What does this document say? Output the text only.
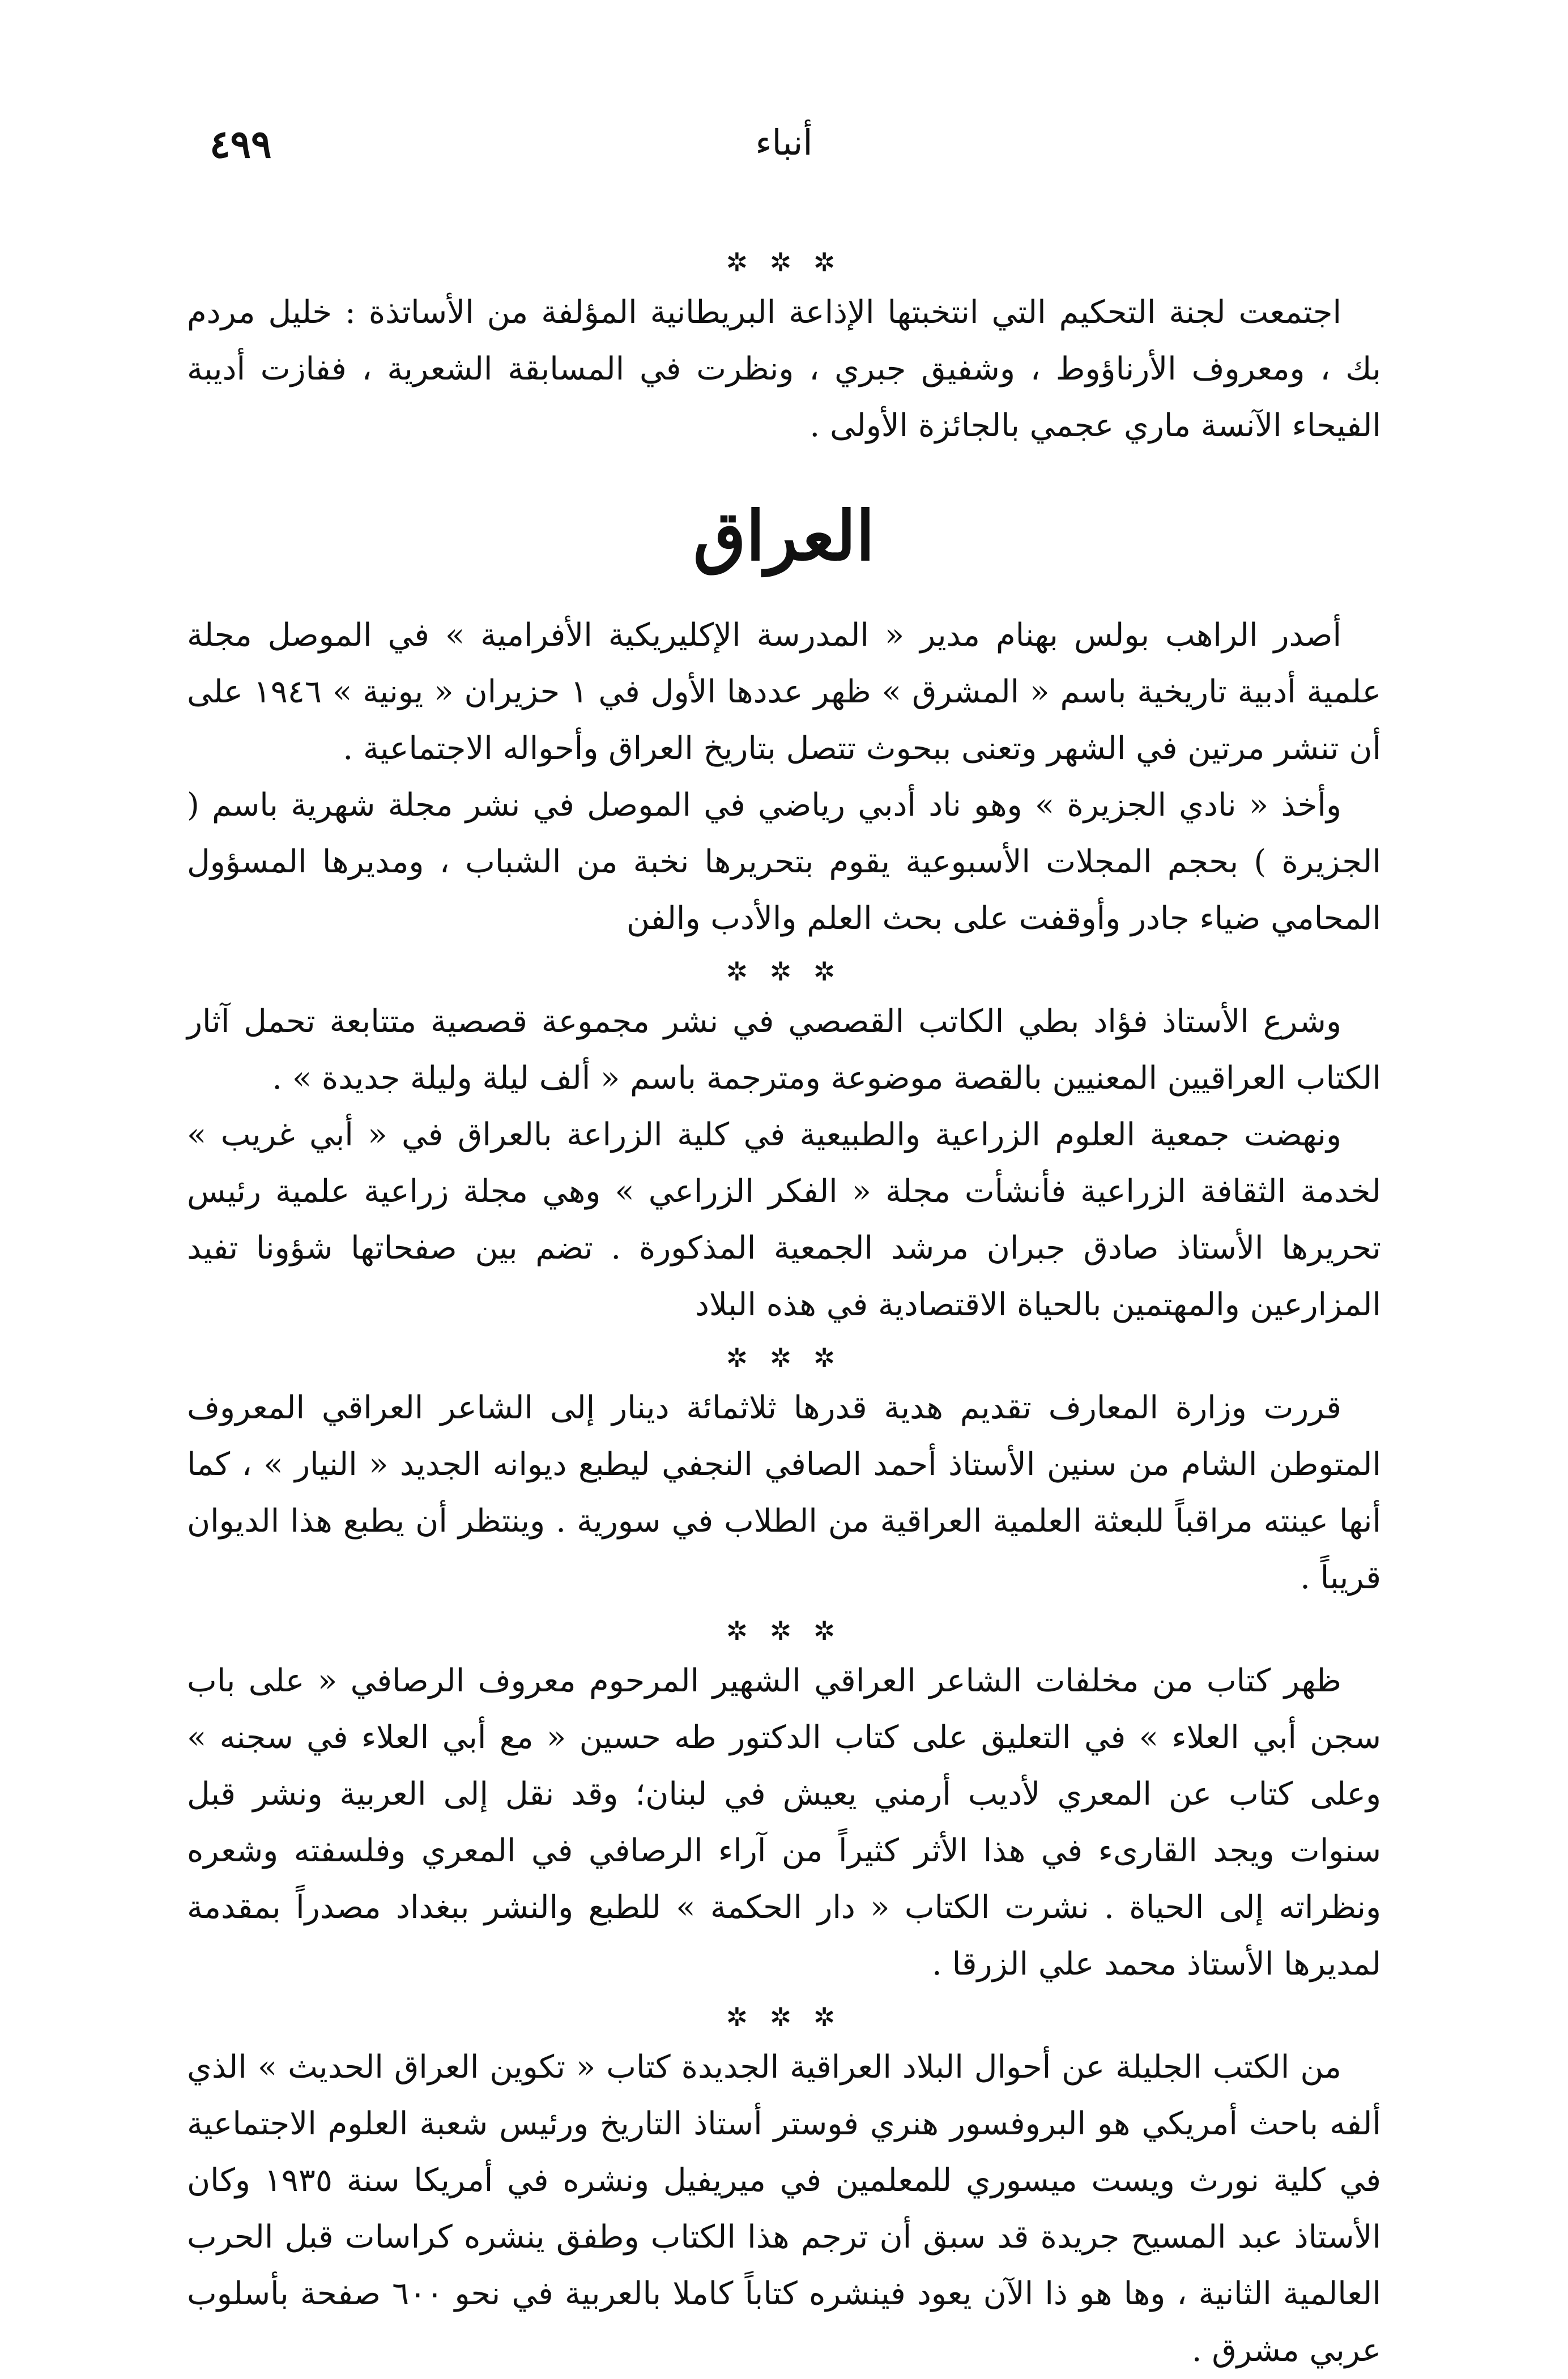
٤٩٩	أنباء
✲ ✲ ✲

اجتمعت لجنة التحكيم التي انتخبتها الإذاعة البريطانية المؤلفة من الأساتذة : خليل مردم بك ، ومعروف الأرناؤوط ، وشفيق جبري ، ونظرت في المسابقة الشعرية ، ففازت أديبة الفيحاء الآنسة ماري عجمي بالجائزة الأولى .

العراق

أصدر الراهب بولس بهنام مدير « المدرسة الإكليريكية الأفرامية » في الموصل مجلة علمية أدبية تاريخية باسم « المشرق » ظهر عددها الأول في ١ حزيران « يونية » ١٩٤٦ على أن تنشر مرتين في الشهر وتعنى ببحوث تتصل بتاريخ العراق وأحواله الاجتماعية .

وأخذ « نادي الجزيرة » وهو ناد أدبي رياضي في الموصل في نشر مجلة شهرية باسم ( الجزيرة ) بحجم المجلات الأسبوعية يقوم بتحريرها نخبة من الشباب ، ومديرها المسؤول المحامي ضياء جادر وأوقفت على بحث العلم والأدب والفن

✲ ✲ ✲

وشرع الأستاذ فؤاد بطي الكاتب القصصي في نشر مجموعة قصصية متتابعة تحمل آثار الكتاب العراقيين المعنيين بالقصة موضوعة ومترجمة باسم « ألف ليلة وليلة جديدة » .

ونهضت جمعية العلوم الزراعية والطبيعية في كلية الزراعة بالعراق في « أبي غريب » لخدمة الثقافة الزراعية فأنشأت مجلة « الفكر الزراعي » وهي مجلة زراعية علمية رئيس تحريرها الأستاذ صادق جبران مرشد الجمعية المذكورة . تضم بين صفحاتها شؤونا تفيد المزارعين والمهتمين بالحياة الاقتصادية في هذه البلاد

✲ ✲ ✲

قررت وزارة المعارف تقديم هدية قدرها ثلاثمائة دينار إلى الشاعر العراقي المعروف المتوطن الشام من سنين الأستاذ أحمد الصافي النجفي ليطبع ديوانه الجديد « النيار » ، كما أنها عينته مراقباً للبعثة العلمية العراقية من الطلاب في سورية . وينتظر أن يطبع هذا الديوان قريباً .

✲ ✲ ✲

ظهر كتاب من مخلفات الشاعر العراقي الشهير المرحوم معروف الرصافي « على باب سجن أبي العلاء » في التعليق على كتاب الدكتور طه حسين « مع أبي العلاء في سجنه » وعلى كتاب عن المعري لأديب أرمني يعيش في لبنان؛ وقد نقل إلى العربية ونشر قبل سنوات ويجد القارىء في هذا الأثر كثيراً من آراء الرصافي في المعري وفلسفته وشعره ونظراته إلى الحياة . نشرت الكتاب « دار الحكمة » للطبع والنشر ببغداد مصدراً بمقدمة لمديرها الأستاذ محمد علي الزرقا .

✲ ✲ ✲

من الكتب الجليلة عن أحوال البلاد العراقية الجديدة كتاب « تكوين العراق الحديث » الذي ألفه باحث أمريكي هو البروفسور هنري فوستر أستاذ التاريخ ورئيس شعبة العلوم الاجتماعية في كلية نورث ويست ميسوري للمعلمين في ميريفيل ونشره في أمريكا سنة ١٩٣٥ وكان الأستاذ عبد المسيح جريدة قد سبق أن ترجم هذا الكتاب وطفق ينشره كراسات قبل الحرب العالمية الثانية ، وها هو ذا الآن يعود فينشره كتاباً كاملا بالعربية في نحو ٦٠٠ صفحة بأسلوب عربي مشرق .
